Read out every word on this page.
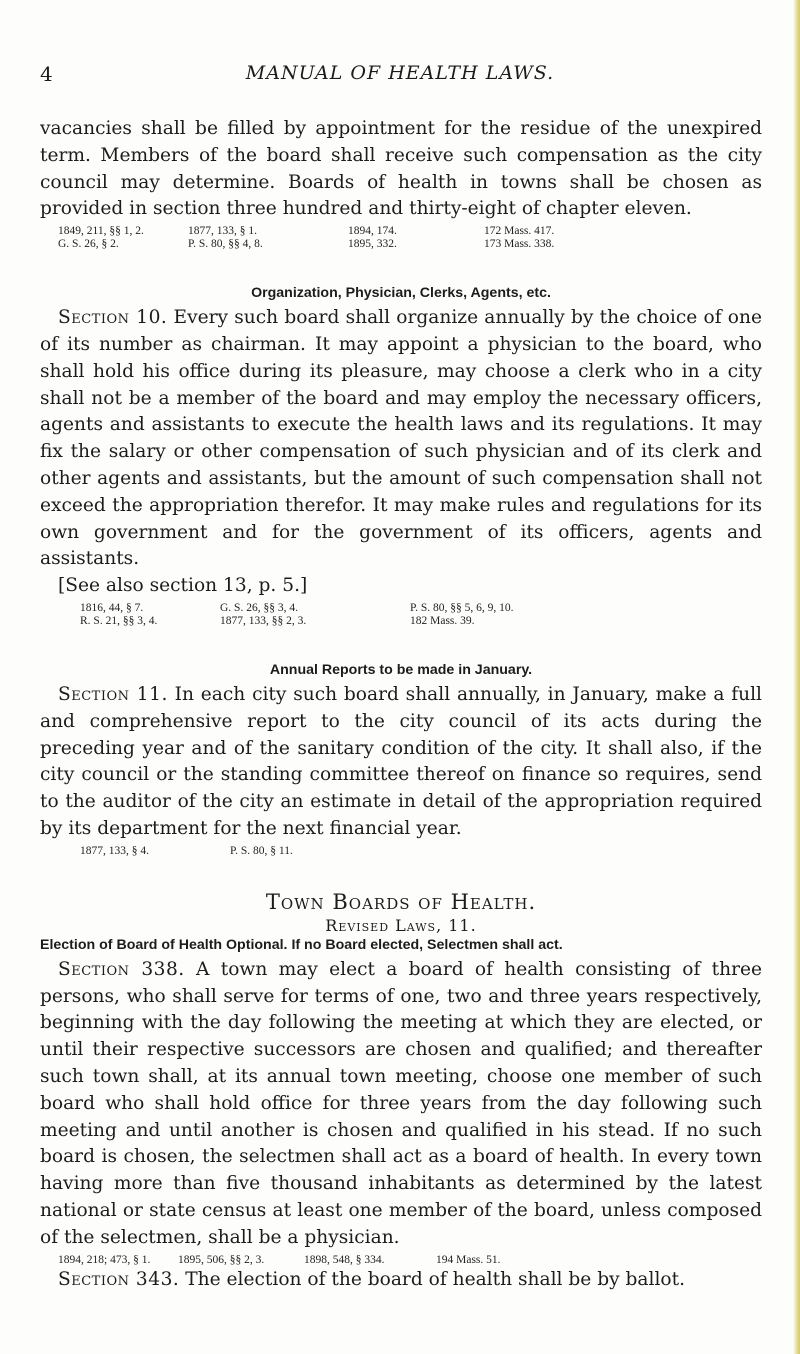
4	MANUAL OF HEALTH LAWS.

vacancies shall be filled by appointment for the residue of the unexpired term. Members of the board shall receive such compensation as the city council may determine. Boards of health in towns shall be chosen as provided in section three hundred and thirty-eight of chapter eleven.

1849, 211, §§ 1, 2.	1877, 133, § 1.	1894, 174.	172 Mass. 417.
G. S. 26, § 2.	P. S. 80, §§ 4, 8.	1895, 332.	173 Mass. 338.
Organization, Physician, Clerks, Agents, etc.

Section 10. Every such board shall organize annually by the choice of one of its number as chairman. It may appoint a physician to the board, who shall hold his office during its pleasure, may choose a clerk who in a city shall not be a member of the board and may employ the necessary officers, agents and assistants to execute the health laws and its regulations. It may fix the salary or other compensation of such physician and of its clerk and other agents and assistants, but the amount of such compensation shall not exceed the appropriation therefor. It may make rules and regulations for its own government and for the government of its officers, agents and assistants.

[See also section 13, p. 5.]

1816, 44, § 7.	G. S. 26, §§ 3, 4.	P. S. 80, §§ 5, 6, 9, 10.
R. S. 21, §§ 3, 4.	1877, 133, §§ 2, 3.	182 Mass. 39.
Annual Reports to be made in January.

Section 11. In each city such board shall annually, in January, make a full and comprehensive report to the city council of its acts during the preceding year and of the sanitary condition of the city. It shall also, if the city council or the standing committee thereof on finance so requires, send to the auditor of the city an estimate in detail of the appropriation required by its department for the next financial year.

1877, 133, § 4.	P. S. 80, § 11.
Town Boards of Health.
Revised Laws, 11.
Election of Board of Health Optional. If no Board elected, Selectmen shall act.

Section 338. A town may elect a board of health consisting of three persons, who shall serve for terms of one, two and three years respectively, beginning with the day following the meeting at which they are elected, or until their respective successors are chosen and qualified; and thereafter such town shall, at its annual town meeting, choose one member of such board who shall hold office for three years from the day following such meeting and until another is chosen and qualified in his stead. If no such board is chosen, the selectmen shall act as a board of health. In every town having more than five thousand inhabitants as determined by the latest national or state census at least one member of the board, unless composed of the selectmen, shall be a physician.

1894, 218; 473, § 1.	1895, 506, §§ 2, 3.	1898, 548, § 334.	194 Mass. 51.

Section 343. The election of the board of health shall be by ballot.
